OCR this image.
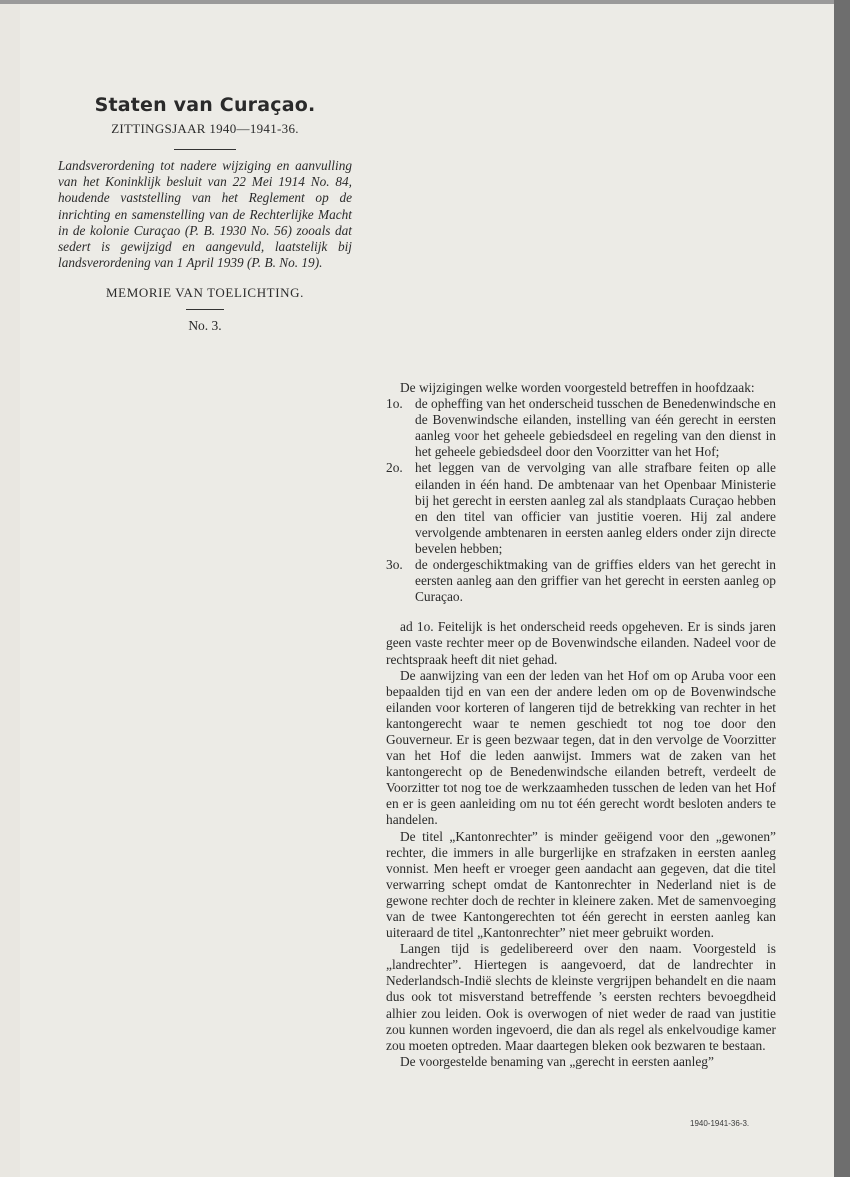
Staten van Curaçao.
ZITTINGSJAAR 1940—1941-36.
Landsverordening tot nadere wijziging en aanvulling van het Koninklijk besluit van 22 Mei 1914 No. 84, houdende vaststelling van het Reglement op de inrichting en samenstelling van de Rechterlijke Macht in de kolonie Curaçao (P. B. 1930 No. 56) zooals dat sedert is gewijzigd en aangevuld, laatstelijk bij landsverordening van 1 April 1939 (P. B. No. 19).
MEMORIE VAN TOELICHTING.
No. 3.

De wijzigingen welke worden voorgesteld betreffen in hoofdzaak:

1o. de opheffing van het onderscheid tusschen de Benedenwindsche en de Bovenwindsche eilanden, instelling van één gerecht in eersten aanleg voor het geheele gebiedsdeel en regeling van den dienst in het geheele gebiedsdeel door den Voorzitter van het Hof;
2o. het leggen van de vervolging van alle strafbare feiten op alle eilanden in één hand. De ambtenaar van het Openbaar Ministerie bij het gerecht in eersten aanleg zal als standplaats Curaçao hebben en den titel van officier van justitie voeren. Hij zal andere vervolgende ambtenaren in eersten aanleg elders onder zijn directe bevelen hebben;
3o. de ondergeschiktmaking van de griffies elders van het gerecht in eersten aanleg aan den griffier van het gerecht in eersten aanleg op Curaçao.

ad 1o. Feitelijk is het onderscheid reeds opgeheven. Er is sinds jaren geen vaste rechter meer op de Bovenwindsche eilanden. Nadeel voor de rechtspraak heeft dit niet gehad.

De aanwijzing van een der leden van het Hof om op Aruba voor een bepaalden tijd en van een der andere leden om op de Bovenwindsche eilanden voor korteren of langeren tijd de betrekking van rechter in het kantongerecht waar te nemen geschiedt tot nog toe door den Gouverneur. Er is geen bezwaar tegen, dat in den vervolge de Voorzitter van het Hof die leden aanwijst. Immers wat de zaken van het kantongerecht op de Benedenwindsche eilanden betreft, verdeelt de Voorzitter tot nog toe de werkzaamheden tusschen de leden van het Hof en er is geen aanleiding om nu tot één gerecht wordt besloten anders te handelen.

De titel „Kantonrechter” is minder geëigend voor den „gewonen” rechter, die immers in alle burgerlijke en strafzaken in eersten aanleg vonnist. Men heeft er vroeger geen aandacht aan gegeven, dat die titel verwarring schept omdat de Kantonrechter in Nederland niet is de gewone rechter doch de rechter in kleinere zaken. Met de samenvoeging van de twee Kantongerechten tot één gerecht in eersten aanleg kan uiteraard de titel „Kantonrechter” niet meer gebruikt worden.

Langen tijd is gedelibereerd over den naam. Voorgesteld is „landrechter”. Hiertegen is aangevoerd, dat de landrechter in Nederlandsch-Indië slechts de kleinste vergrijpen behandelt en die naam dus ook tot misverstand betreffende ’s eersten rechters bevoegdheid alhier zou leiden. Ook is overwogen of niet weder de raad van justitie zou kunnen worden ingevoerd, die dan als regel als enkelvoudige kamer zou moeten optreden. Maar daartegen bleken ook bezwaren te bestaan.

De voorgestelde benaming van „gerecht in eersten aanleg”

1940-1941-36-3.
